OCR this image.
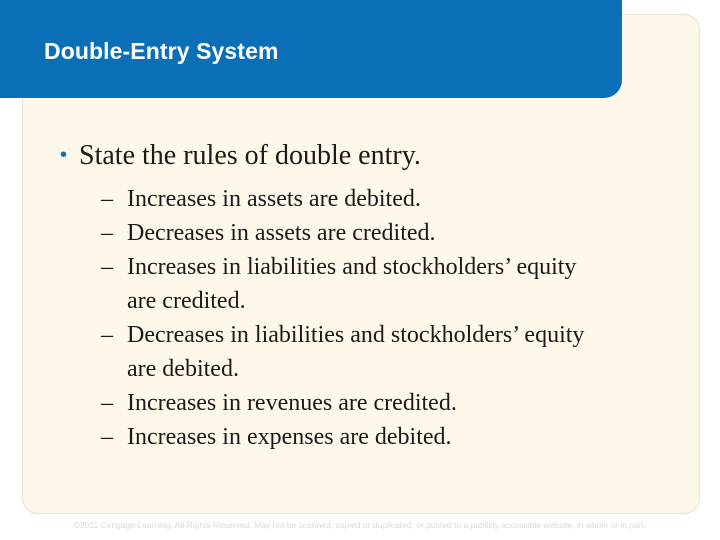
Double-Entry System
• State the rules of double entry.
– Increases in assets are debited.
– Decreases in assets are credited.
– Increases in liabilities and stockholders’ equity
are credited.
– Decreases in liabilities and stockholders’ equity
are debited.
– Increases in revenues are credited.
– Increases in expenses are debited.
©2011 Cengage Learning. All Rights Reserved. May not be scanned, copied or duplicated, or posted to a publicly accessible website, in whole or in part.
